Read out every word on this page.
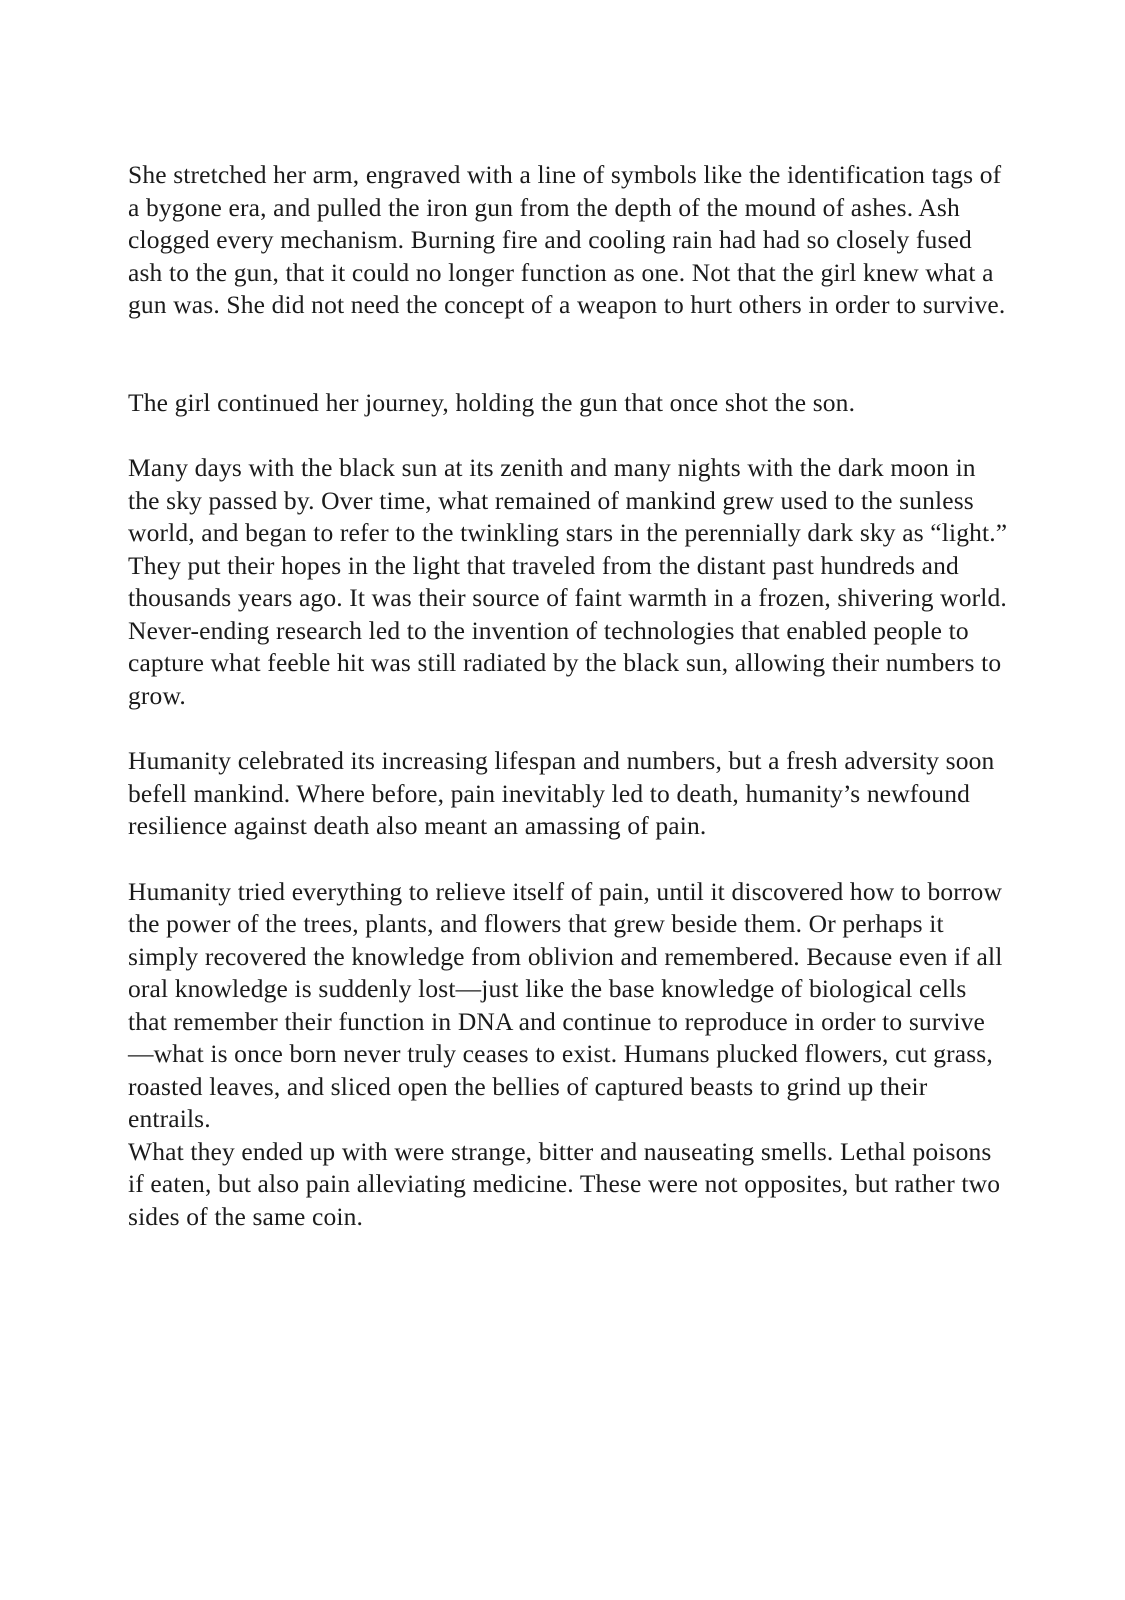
She stretched her arm, engraved with a line of symbols like the identification tags of a bygone era, and pulled the iron gun from the depth of the mound of ashes. Ash clogged every mechanism. Burning fire and cooling rain had had so closely fused ash to the gun, that it could no longer function as one. Not that the girl knew what a gun was. She did not need the concept of a weapon to hurt others in order to survive.

The girl continued her journey, holding the gun that once shot the son.

Many days with the black sun at its zenith and many nights with the dark moon in the sky passed by. Over time, what remained of mankind grew used to the sunless world, and began to refer to the twinkling stars in the perennially dark sky as “light.” They put their hopes in the light that traveled from the distant past hundreds and thousands years ago. It was their source of faint warmth in a frozen, shivering world. Never-ending research led to the invention of technologies that enabled people to capture what feeble hit was still radiated by the black sun, allowing their numbers to grow.

Humanity celebrated its increasing lifespan and numbers, but a fresh adversity soon befell mankind. Where before, pain inevitably led to death, humanity’s newfound resilience against death also meant an amassing of pain.

Humanity tried everything to relieve itself of pain, until it discovered how to borrow the power of the trees, plants, and flowers that grew beside them. Or perhaps it simply recovered the knowledge from oblivion and remembered. Because even if all oral knowledge is suddenly lost—just like the base knowledge of biological cells that remember their function in DNA and continue to reproduce in order to survive—what is once born never truly ceases to exist. Humans plucked flowers, cut grass, roasted leaves, and sliced open the bellies of captured beasts to grind up their entrails.

What they ended up with were strange, bitter and nauseating smells. Lethal poisons if eaten, but also pain alleviating medicine. These were not opposites, but rather two sides of the same coin.
